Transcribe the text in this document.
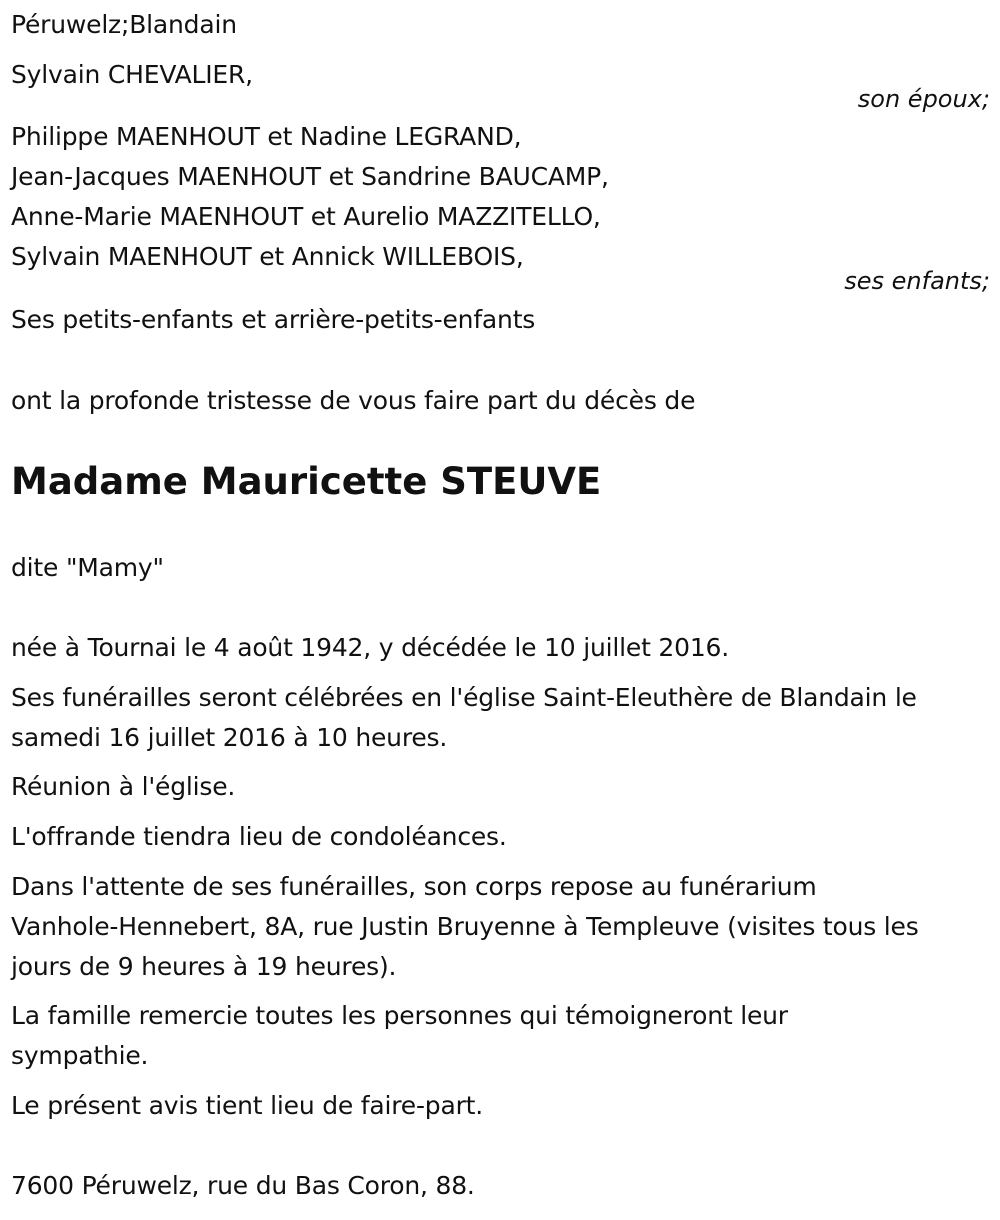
Péruwelz;Blandain
Sylvain CHEVALIER,
son époux;
Philippe MAENHOUT et Nadine LEGRAND,
Jean-Jacques MAENHOUT et Sandrine BAUCAMP,
Anne-Marie MAENHOUT et Aurelio MAZZITELLO,
Sylvain MAENHOUT et Annick WILLEBOIS,
ses enfants;
Ses petits-enfants et arrière-petits-enfants
ont la profonde tristesse de vous faire part du décès de
Madame Mauricette STEUVE
dite "Mamy"
née à Tournai le 4 août 1942, y décédée le 10 juillet 2016.
Ses funérailles seront célébrées en l'église Saint-Eleuthère de Blandain le
samedi 16 juillet 2016 à 10 heures.
Réunion à l'église.
L'offrande tiendra lieu de condoléances.
Dans l'attente de ses funérailles, son corps repose au funérarium
Vanhole-Hennebert, 8A, rue Justin Bruyenne à Templeuve (visites tous les
jours de 9 heures à 19 heures).
La famille remercie toutes les personnes qui témoigneront leur
sympathie.
Le présent avis tient lieu de faire-part.
7600 Péruwelz, rue du Bas Coron, 88.
